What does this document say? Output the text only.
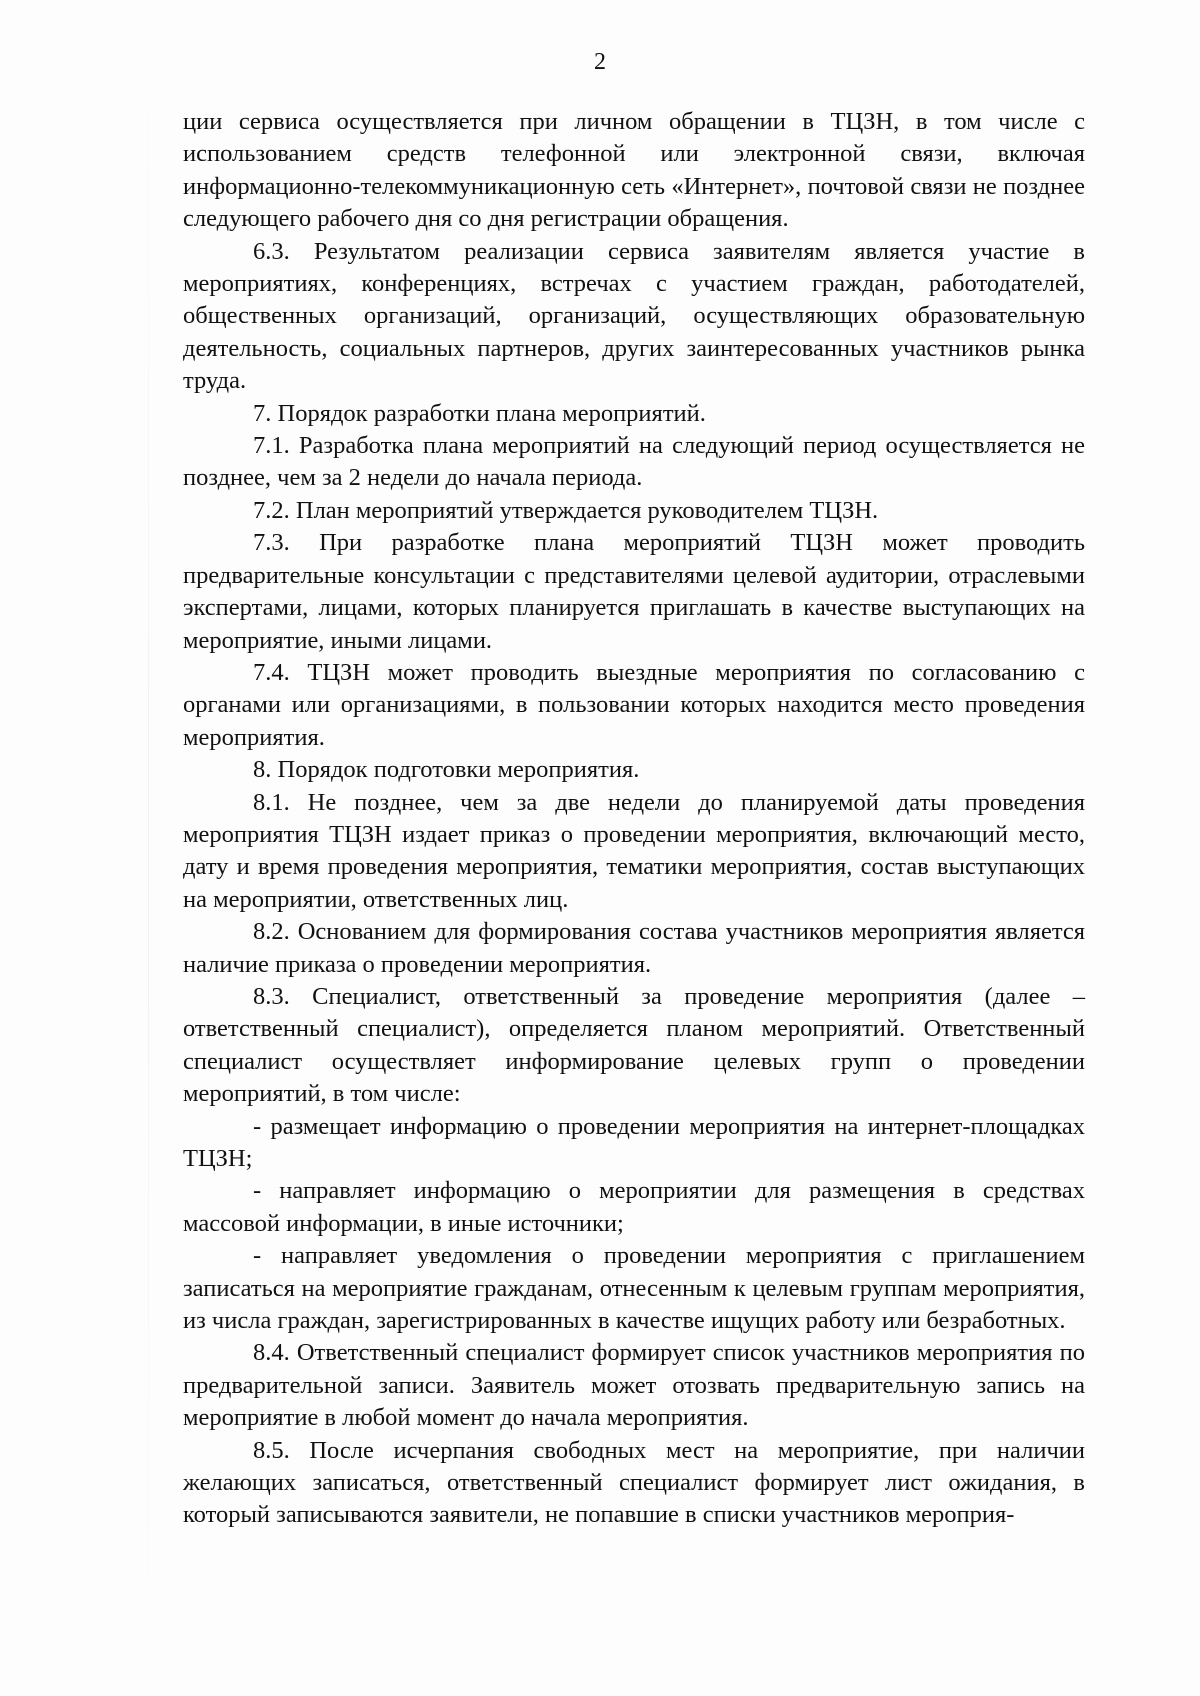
2

ции сервиса осуществляется при личном обращении в ТЦЗН, в том числе с использованием средств телефонной или электронной связи, включая информационно-телекоммуникационную сеть «Интернет», почтовой связи не позднее следующего рабочего дня со дня регистрации обращения.

6.3. Результатом реализации сервиса заявителям является участие в мероприятиях, конференциях, встречах с участием граждан, работодателей, общественных организаций, организаций, осуществляющих образовательную деятельность, социальных партнеров, других заинтересованных участников рынка труда.

7. Порядок разработки плана мероприятий.

7.1. Разработка плана мероприятий на следующий период осуществляется не позднее, чем за 2 недели до начала периода.

7.2. План мероприятий утверждается руководителем ТЦЗН.

7.3. При разработке плана мероприятий ТЦЗН может проводить предварительные консультации с представителями целевой аудитории, отраслевыми экспертами, лицами, которых планируется приглашать в качестве выступающих на мероприятие, иными лицами.

7.4. ТЦЗН может проводить выездные мероприятия по согласованию с органами или организациями, в пользовании которых находится место проведения мероприятия.

8. Порядок подготовки мероприятия.

8.1. Не позднее, чем за две недели до планируемой даты проведения мероприятия ТЦЗН издает приказ о проведении мероприятия, включающий место, дату и время проведения мероприятия, тематики мероприятия, состав выступающих на мероприятии, ответственных лиц.

8.2. Основанием для формирования состава участников мероприятия является наличие приказа о проведении мероприятия.

8.3. Специалист, ответственный за проведение мероприятия (далее – ответственный специалист), определяется планом мероприятий. Ответственный специалист осуществляет информирование целевых групп о проведении мероприятий, в том числе:

- размещает информацию о проведении мероприятия на интернет-площадках ТЦЗН;

- направляет информацию о мероприятии для размещения в средствах массовой информации, в иные источники;

- направляет уведомления о проведении мероприятия с приглашением записаться на мероприятие гражданам, отнесенным к целевым группам мероприятия, из числа граждан, зарегистрированных в качестве ищущих работу или безработных.

8.4. Ответственный специалист формирует список участников мероприятия по предварительной записи. Заявитель может отозвать предварительную запись на мероприятие в любой момент до начала мероприятия.

8.5. После исчерпания свободных мест на мероприятие, при наличии желающих записаться, ответственный специалист формирует лист ожидания, в который записываются заявители, не попавшие в списки участников мероприя-
